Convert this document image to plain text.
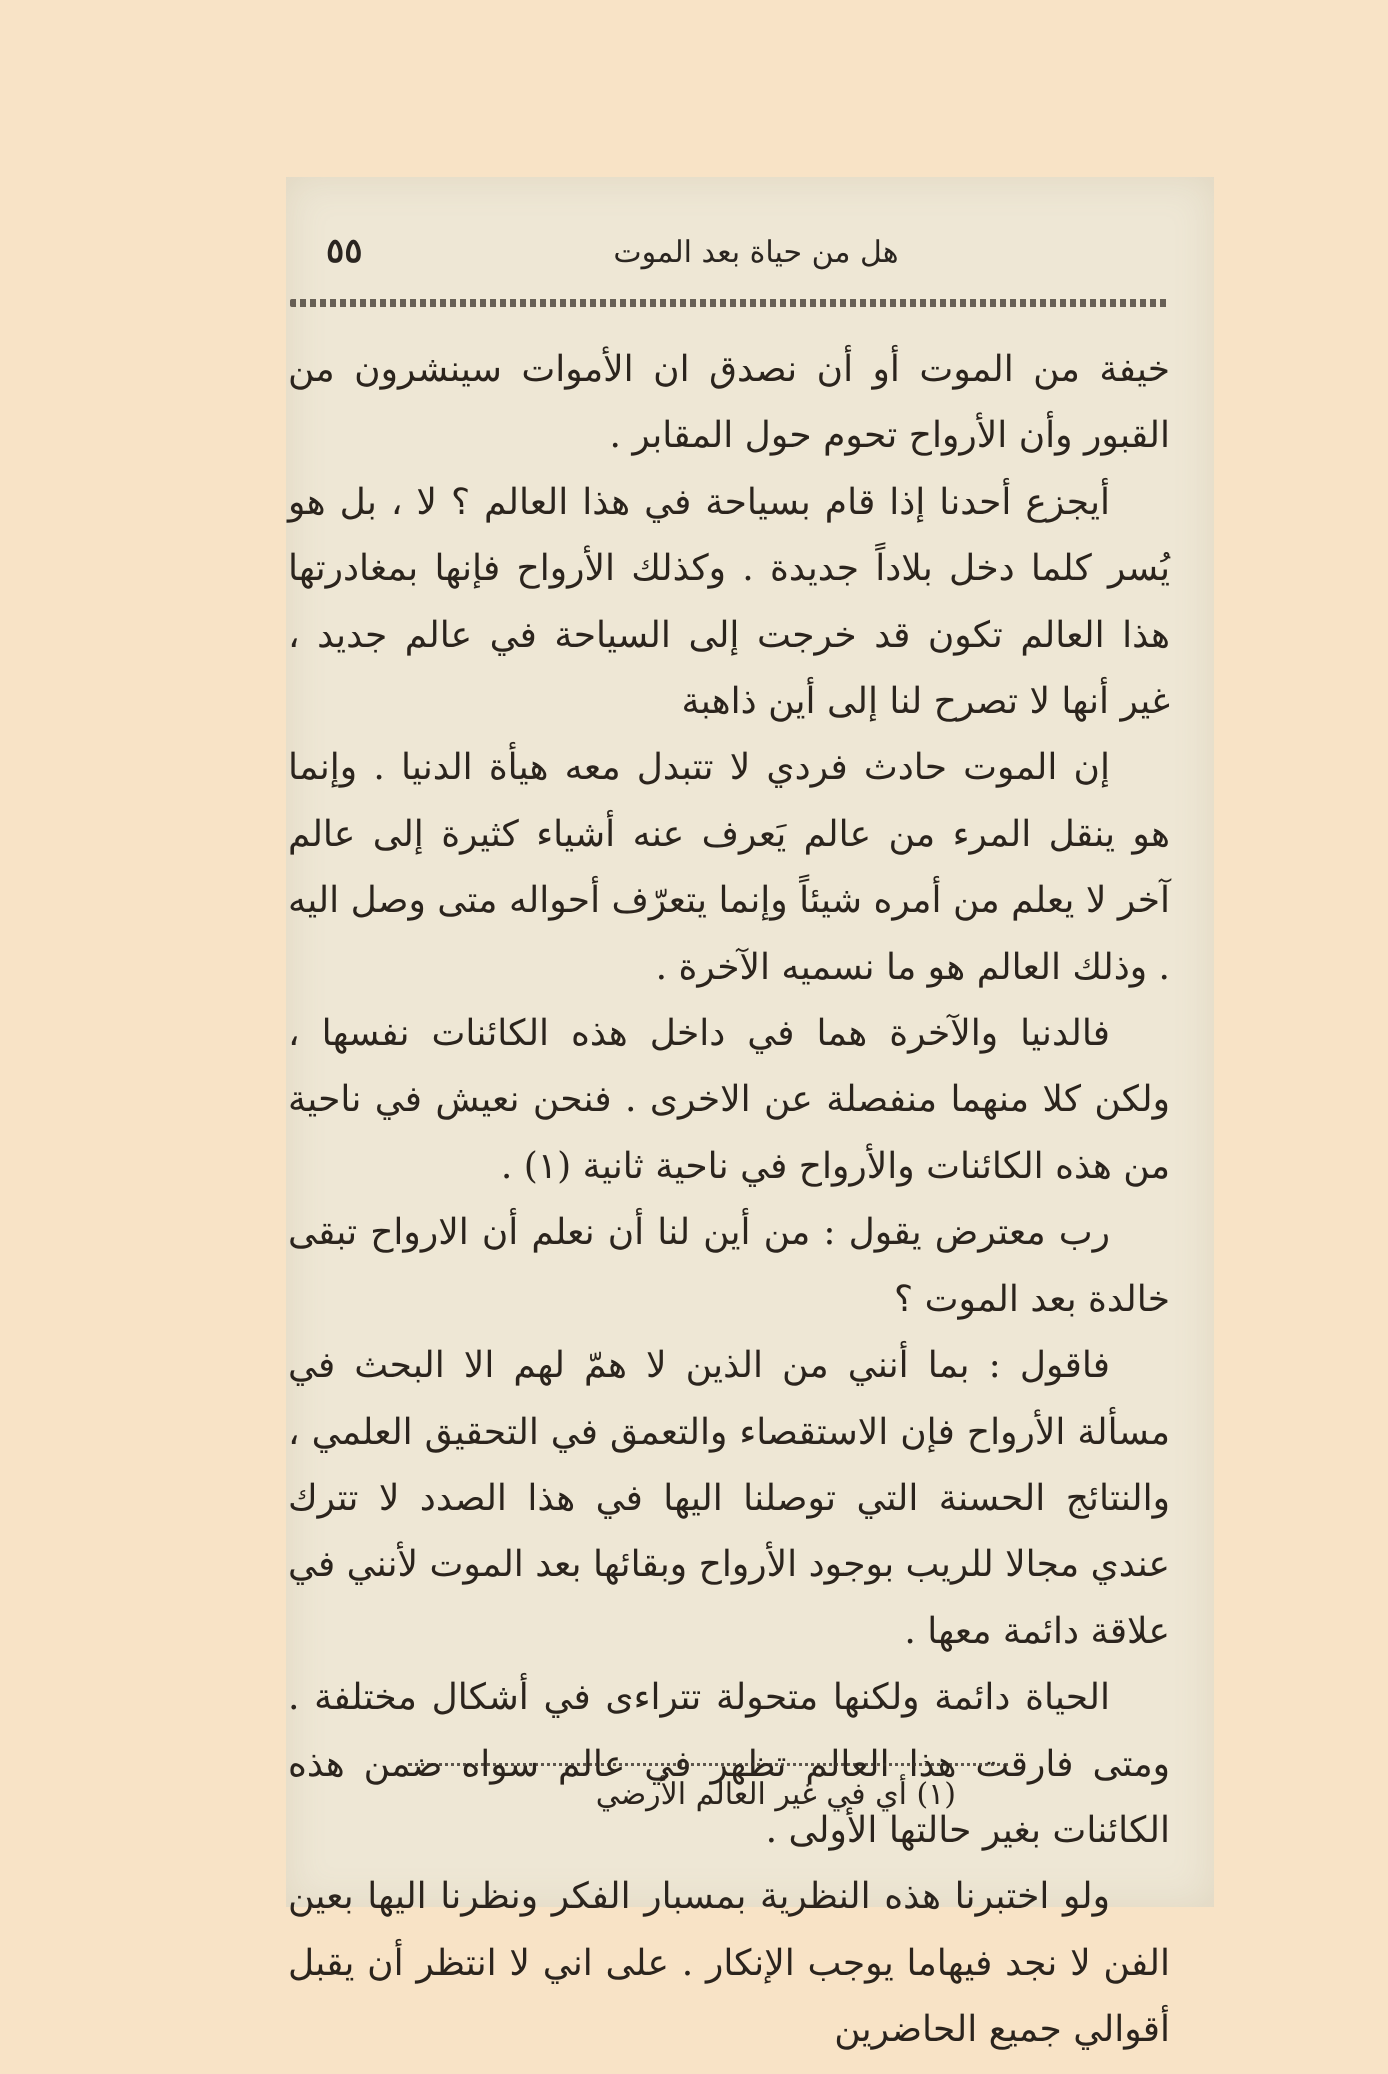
٥٥	هل من حياة بعد الموت

خيفة من الموت أو أن نصدق ان الأموات سينشرون من القبور وأن الأرواح تحوم حول المقابر .

أيجزع أحدنا إذا قام بسياحة في هذا العالم ؟ لا ، بل هو يُسر كلما دخل بلاداً جديدة . وكذلك الأرواح فإنها بمغادرتها هذا العالم تكون قد خرجت إلى السياحة في عالم جديد ، غير أنها لا تصرح لنا إلى أين ذاهبة

إن الموت حادث فردي لا تتبدل معه هيأة الدنيا . وإنما هو ينقل المرء من عالم يَعرف عنه أشياء كثيرة إلى عالم آخر لا يعلم من أمره شيئاً وإنما يتعرّف أحواله متى وصل اليه . وذلك العالم هو ما نسميه الآخرة .

فالدنيا والآخرة هما في داخل هذه الكائنات نفسها ، ولكن كلا منهما منفصلة عن الاخرى . فنحن نعيش في ناحية من هذه الكائنات والأرواح في ناحية ثانية (١) .

رب معترض يقول : من أين لنا أن نعلم أن الارواح تبقى خالدة بعد الموت ؟

فاقول : بما أنني من الذين لا همّ لهم الا البحث في مسألة الأرواح فإن الاستقصاء والتعمق في التحقيق العلمي ، والنتائج الحسنة التي توصلنا اليها في هذا الصدد لا تترك عندي مجالا للريب بوجود الأرواح وبقائها بعد الموت لأنني في علاقة دائمة معها .

الحياة دائمة ولكنها متحولة تتراءى في أشكال مختلفة . ومتى فارقت هذا العالم تظهر في عالم سواه ضمن هذه الكائنات بغير حالتها الأولى .

ولو اختبرنا هذه النظرية بمسبار الفكر ونظرنا اليها بعين الفن لا نجد فيهاما يوجب الإنكار . على اني لا انتظر أن يقبل أقوالي جميع الحاضرين

(١) أي في غير العالم الأرضي
